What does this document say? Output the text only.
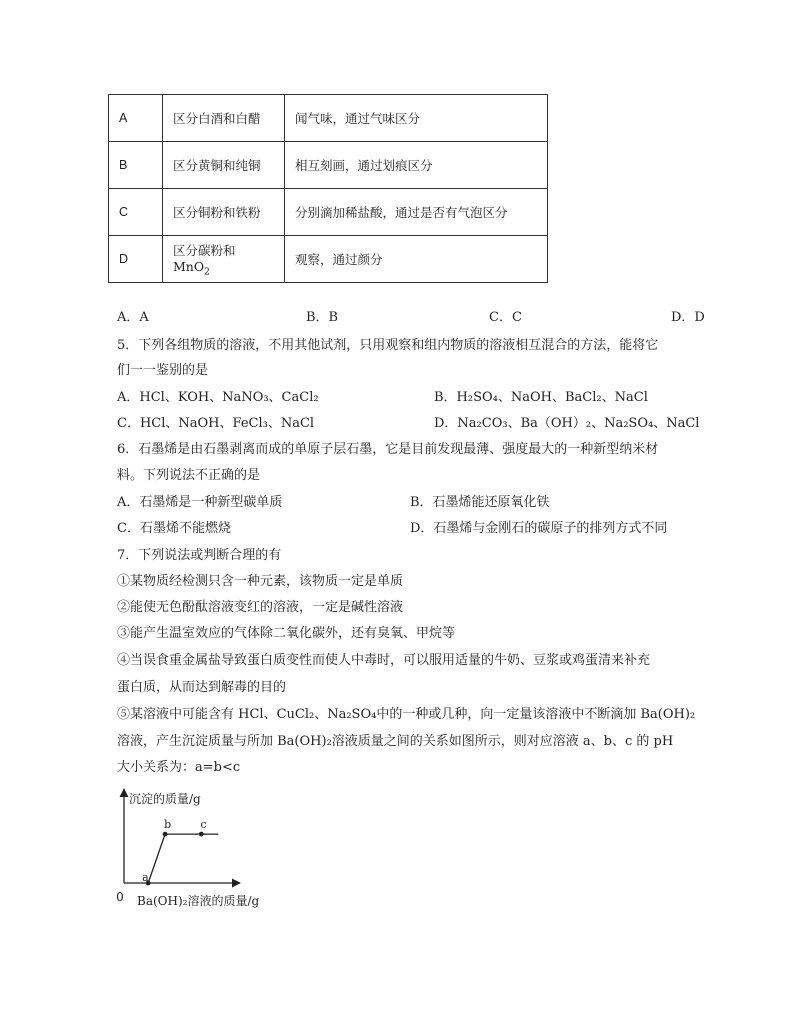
A	区分白酒和白醋	闻气味，通过气味区分
B	区分黄铜和纯铜	相互刻画，通过划痕区分
C	区分铜粉和铁粉	分别滴加稀盐酸，通过是否有气泡区分
D	区分碳粉和 MnO$_2$	观察，通过颜分
A．A	B．B	C．C	D．D
5．下列各组物质的溶液，不用其他试剂，只用观察和组内物质的溶液相互混合的方法，能将它
们一一鉴别的是
A．HCl、KOH、NaNO₃、CaCl₂	B．H₂SO₄、NaOH、BaCl₂、NaCl
C．HCl、NaOH、FeCl₃、NaCl	D．Na₂CO₃、Ba（OH）₂、Na₂SO₄、NaCl
6．石墨烯是由石墨剥离而成的单原子层石墨，它是目前发现最薄、强度最大的一种新型纳米材
料。下列说法不正确的是
A．石墨烯是一种新型碳单质	B．石墨烯能还原氧化铁
C．石墨烯不能燃烧	D．石墨烯与金刚石的碳原子的排列方式不同
7．下列说法或判断合理的有
①某物质经检测只含一种元素，该物质一定是单质
②能使无色酚酞溶液变红的溶液，一定是碱性溶液
③能产生温室效应的气体除二氧化碳外，还有臭氧、甲烷等
④当误食重金属盐导致蛋白质变性而使人中毒时，可以服用适量的牛奶、豆浆或鸡蛋清来补充
蛋白质，从而达到解毒的目的
⑤某溶液中可能含有 HCl、CuCl₂、Na₂SO₄中的一种或几种，向一定量该溶液中不断滴加 Ba(OH)₂
溶液，产生沉淀质量与所加 Ba(OH)₂溶液质量之间的关系如图所示，则对应溶液 a、b、c 的 pH
大小关系为：a=b<c
沉淀的质量/g
0 Ba(OH)₂溶液的质量/g
a
b	c
